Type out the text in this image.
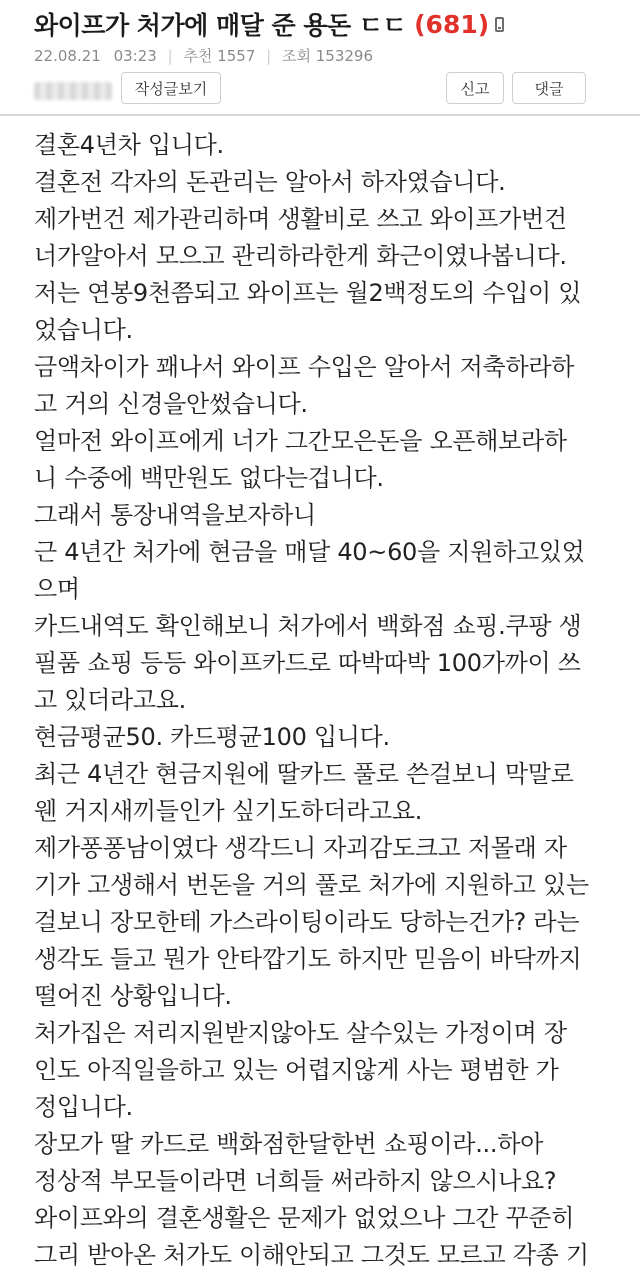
와이프가 처가에 매달 준 용돈 ㄷㄷ (681)
22.08.21 03:23 | 추천 1557 | 조회 153296
작성글보기	신고	댓글
결혼4년차 입니다.
결혼전 각자의 돈관리는 알아서 하자였습니다.
제가번건 제가관리하며 생활비로 쓰고 와이프가번건
너가알아서 모으고 관리하라한게 화근이였나봅니다.
저는 연봉9천쯤되고 와이프는 월2백정도의 수입이 있
었습니다.
금액차이가 꽤나서 와이프 수입은 알아서 저축하라하
고 거의 신경을안썼습니다.
얼마전 와이프에게 너가 그간모은돈을 오픈해보라하
니 수중에 백만원도 없다는겁니다.
그래서 통장내역을보자하니
근 4년간 처가에 현금을 매달 40~60을 지원하고있었
으며
카드내역도 확인해보니 처가에서 백화점 쇼핑.쿠팡 생
필품 쇼핑 등등 와이프카드로 따박따박 100가까이 쓰
고 있더라고요.
현금평균50. 카드평균100 입니다.
최근 4년간 현금지원에 딸카드 풀로 쓴걸보니 막말로
웬 거지새끼들인가 싶기도하더라고요.
제가퐁퐁남이였다 생각드니 자괴감도크고 저몰래 자
기가 고생해서 번돈을 거의 풀로 처가에 지원하고 있는
걸보니 장모한테 가스라이팅이라도 당하는건가? 라는
생각도 들고 뭔가 안타깝기도 하지만 믿음이 바닥까지
떨어진 상황입니다.
처가집은 저리지원받지않아도 살수있는 가정이며 장
인도 아직일을하고 있는 어렵지않게 사는 평범한 가
정입니다.
장모가 딸 카드로 백화점한달한번 쇼핑이라...하아
정상적 부모들이라면 너희들 써라하지 않으시나요?
와이프와의 결혼생활은 문제가 없었으나 그간 꾸준히
그리 받아온 처가도 이해안되고 그것도 모르고 각종 기
